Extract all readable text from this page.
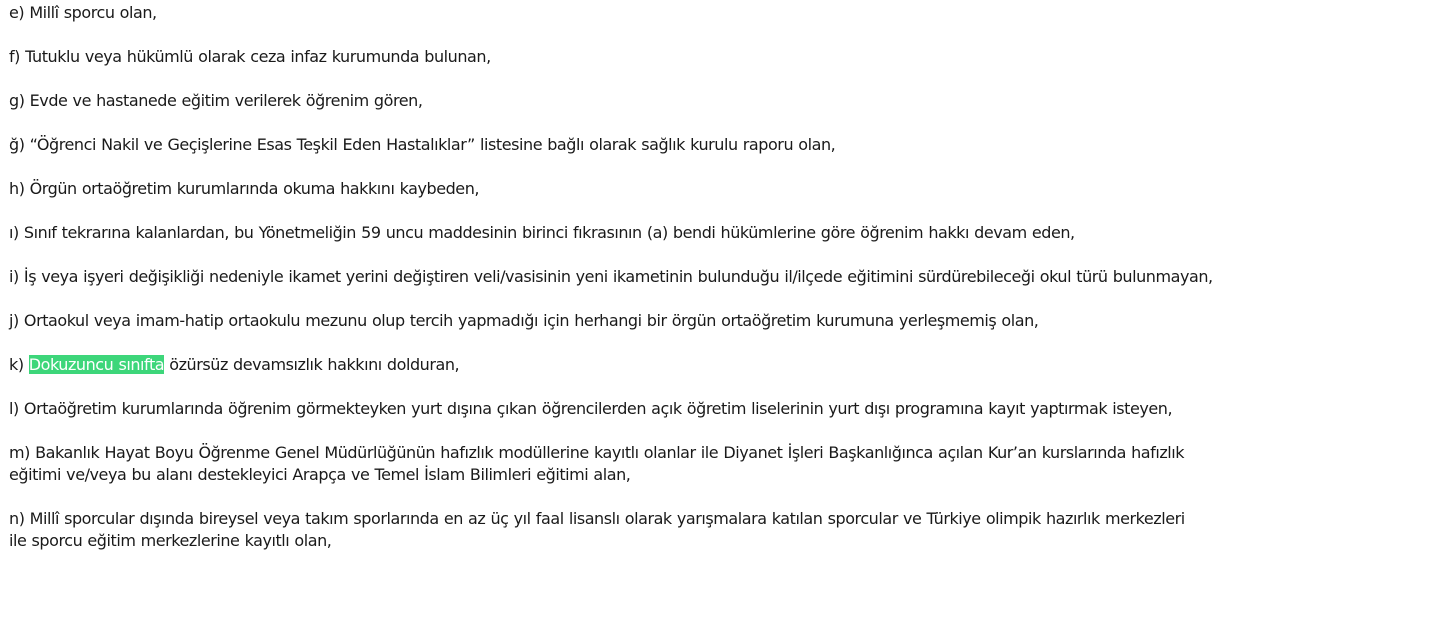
e) Millî sporcu olan,

f) Tutuklu veya hükümlü olarak ceza infaz kurumunda bulunan,

g) Evde ve hastanede eğitim verilerek öğrenim gören,

ğ) “Öğrenci Nakil ve Geçişlerine Esas Teşkil Eden Hastalıklar” listesine bağlı olarak sağlık kurulu raporu olan,

h) Örgün ortaöğretim kurumlarında okuma hakkını kaybeden,

ı) Sınıf tekrarına kalanlardan, bu Yönetmeliğin 59 uncu maddesinin birinci fıkrasının (a) bendi hükümlerine göre öğrenim hakkı devam eden,

i) İş veya işyeri değişikliği nedeniyle ikamet yerini değiştiren veli/vasisinin yeni ikametinin bulunduğu il/ilçede eğitimini sürdürebileceği okul türü bulunmayan,

j) Ortaokul veya imam-hatip ortaokulu mezunu olup tercih yapmadığı için herhangi bir örgün ortaöğretim kurumuna yerleşmemiş olan,

k) Dokuzuncu sınıfta özürsüz devamsızlık hakkını dolduran,

l) Ortaöğretim kurumlarında öğrenim görmekteyken yurt dışına çıkan öğrencilerden açık öğretim liselerinin yurt dışı programına kayıt yaptırmak isteyen,

m) Bakanlık Hayat Boyu Öğrenme Genel Müdürlüğünün hafızlık modüllerine kayıtlı olanlar ile Diyanet İşleri Başkanlığınca açılan Kur’an kurslarında hafızlık eğitimi ve/veya bu alanı destekleyici Arapça ve Temel İslam Bilimleri eğitimi alan,

n) Millî sporcular dışında bireysel veya takım sporlarında en az üç yıl faal lisanslı olarak yarışmalara katılan sporcular ve Türkiye olimpik hazırlık merkezleri ile sporcu eğitim merkezlerine kayıtlı olan,
